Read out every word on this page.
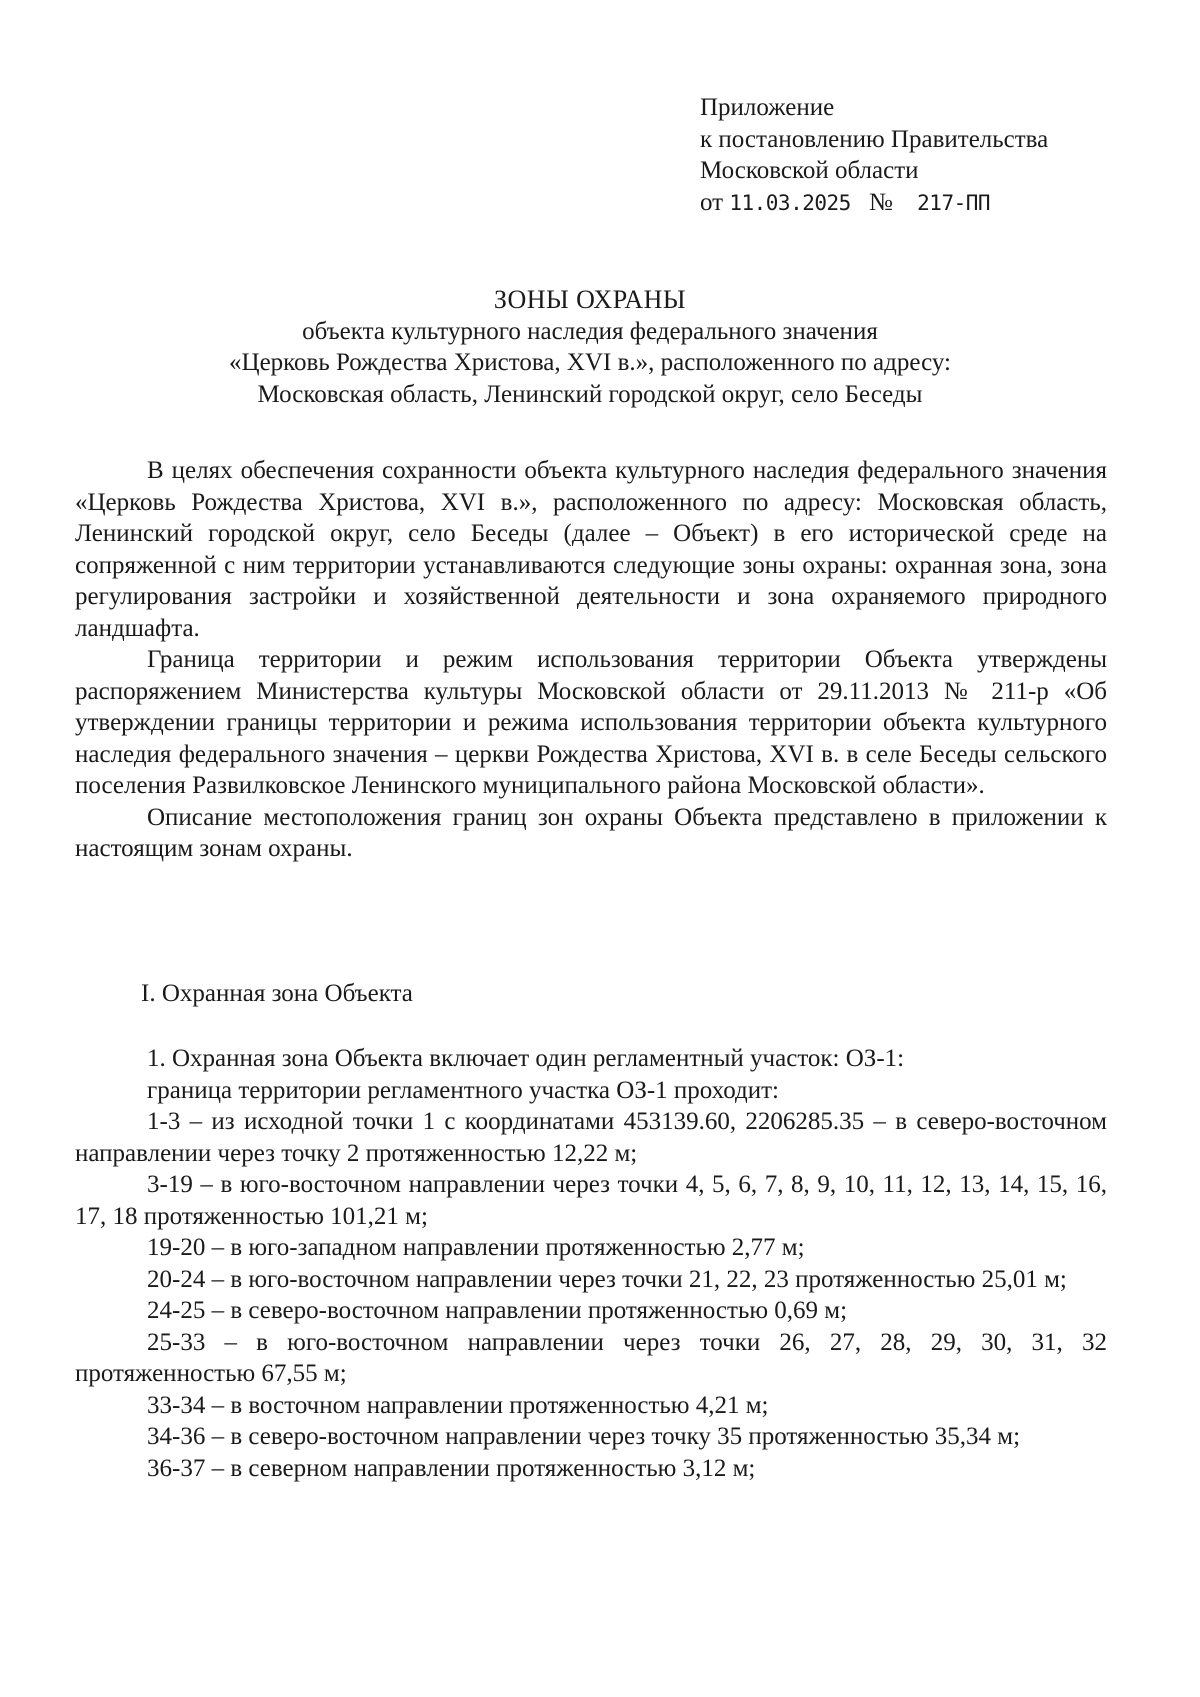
Приложение
к постановлению Правительства
Московской области
от 11.03.2025 № 217-ПП
ЗОНЫ ОХРАНЫ
объекта культурного наследия федерального значения
«Церковь Рождества Христова, XVI в.», расположенного по адресу:
Московская область, Ленинский городской округ, село Беседы

В целях обеспечения сохранности объекта культурного наследия федерального значения «Церковь Рождества Христова, XVI в.», расположенного по адресу: Московская область, Ленинский городской округ, село Беседы (далее – Объект) в его исторической среде на сопряженной с ним территории устанавливаются следующие зоны охраны: охранная зона, зона регулирования застройки и хозяйственной деятельности и зона охраняемого природного ландшафта.

Граница территории и режим использования территории Объекта утверждены распоряжением Министерства культуры Московской области от 29.11.2013 № 211-р «Об утверждении границы территории и режима использования территории объекта культурного наследия федерального значения – церкви Рождества Христова, XVI в. в селе Беседы сельского поселения Развилковское Ленинского муниципального района Московской области».

Описание местоположения границ зон охраны Объекта представлено в приложении к настоящим зонам охраны.

I. Охранная зона Объекта

1. Охранная зона Объекта включает один регламентный участок: ОЗ-1:

граница территории регламентного участка ОЗ-1 проходит:

1-3 – из исходной точки 1 с координатами 453139.60, 2206285.35 – в северо-восточном направлении через точку 2 протяженностью 12,22 м;

3-19 – в юго-восточном направлении через точки 4, 5, 6, 7, 8, 9, 10, 11, 12, 13, 14, 15, 16, 17, 18 протяженностью 101,21 м;

19-20 – в юго-западном направлении протяженностью 2,77 м;

20-24 – в юго-восточном направлении через точки 21, 22, 23 протяженностью 25,01 м;

24-25 – в северо-восточном направлении протяженностью 0,69 м;

25-33 – в юго-восточном направлении через точки 26, 27, 28, 29, 30, 31, 32 протяженностью 67,55 м;

33-34 – в восточном направлении протяженностью 4,21 м;

34-36 – в северо-восточном направлении через точку 35 протяженностью 35,34 м;

36-37 – в северном направлении протяженностью 3,12 м;
